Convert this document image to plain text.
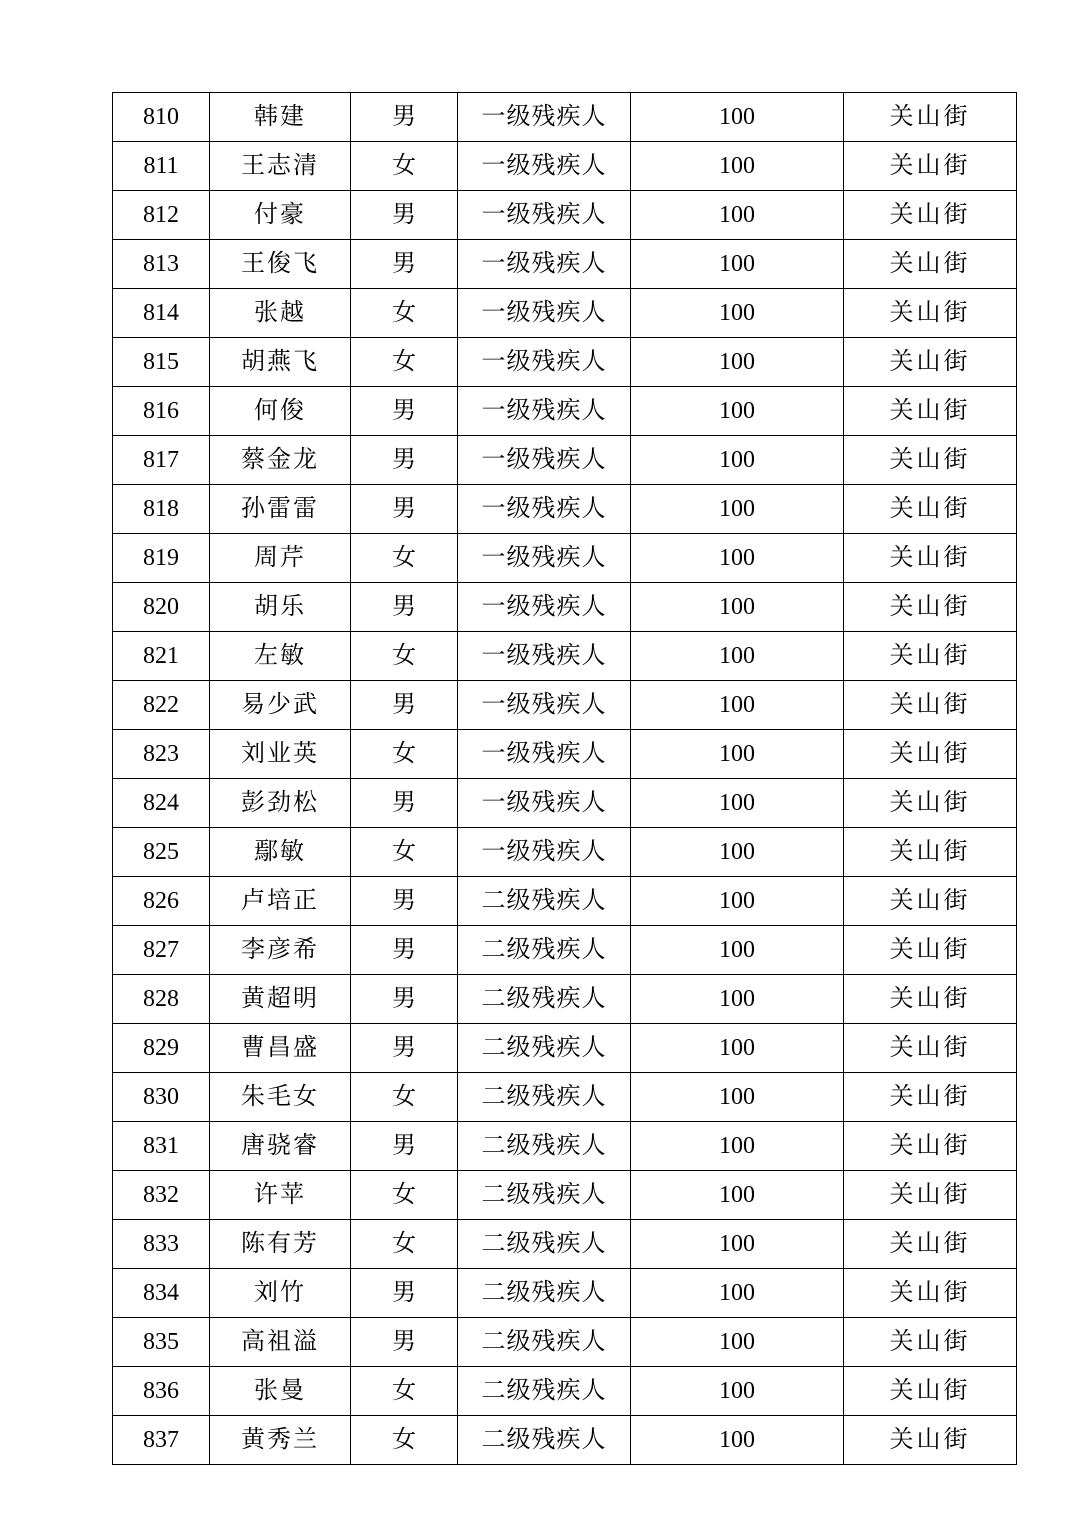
810	韩建	男	一级残疾人	100	关山街
811	王志清	女	一级残疾人	100	关山街
812	付豪	男	一级残疾人	100	关山街
813	王俊飞	男	一级残疾人	100	关山街
814	张越	女	一级残疾人	100	关山街
815	胡燕飞	女	一级残疾人	100	关山街
816	何俊	男	一级残疾人	100	关山街
817	蔡金龙	男	一级残疾人	100	关山街
818	孙雷雷	男	一级残疾人	100	关山街
819	周芹	女	一级残疾人	100	关山街
820	胡乐	男	一级残疾人	100	关山街
821	左敏	女	一级残疾人	100	关山街
822	易少武	男	一级残疾人	100	关山街
823	刘业英	女	一级残疾人	100	关山街
824	彭劲松	男	一级残疾人	100	关山街
825	鄢敏	女	一级残疾人	100	关山街
826	卢培正	男	二级残疾人	100	关山街
827	李彦希	男	二级残疾人	100	关山街
828	黄超明	男	二级残疾人	100	关山街
829	曹昌盛	男	二级残疾人	100	关山街
830	朱毛女	女	二级残疾人	100	关山街
831	唐骁睿	男	二级残疾人	100	关山街
832	许苹	女	二级残疾人	100	关山街
833	陈有芳	女	二级残疾人	100	关山街
834	刘竹	男	二级残疾人	100	关山街
835	高祖溢	男	二级残疾人	100	关山街
836	张曼	女	二级残疾人	100	关山街
837	黄秀兰	女	二级残疾人	100	关山街
